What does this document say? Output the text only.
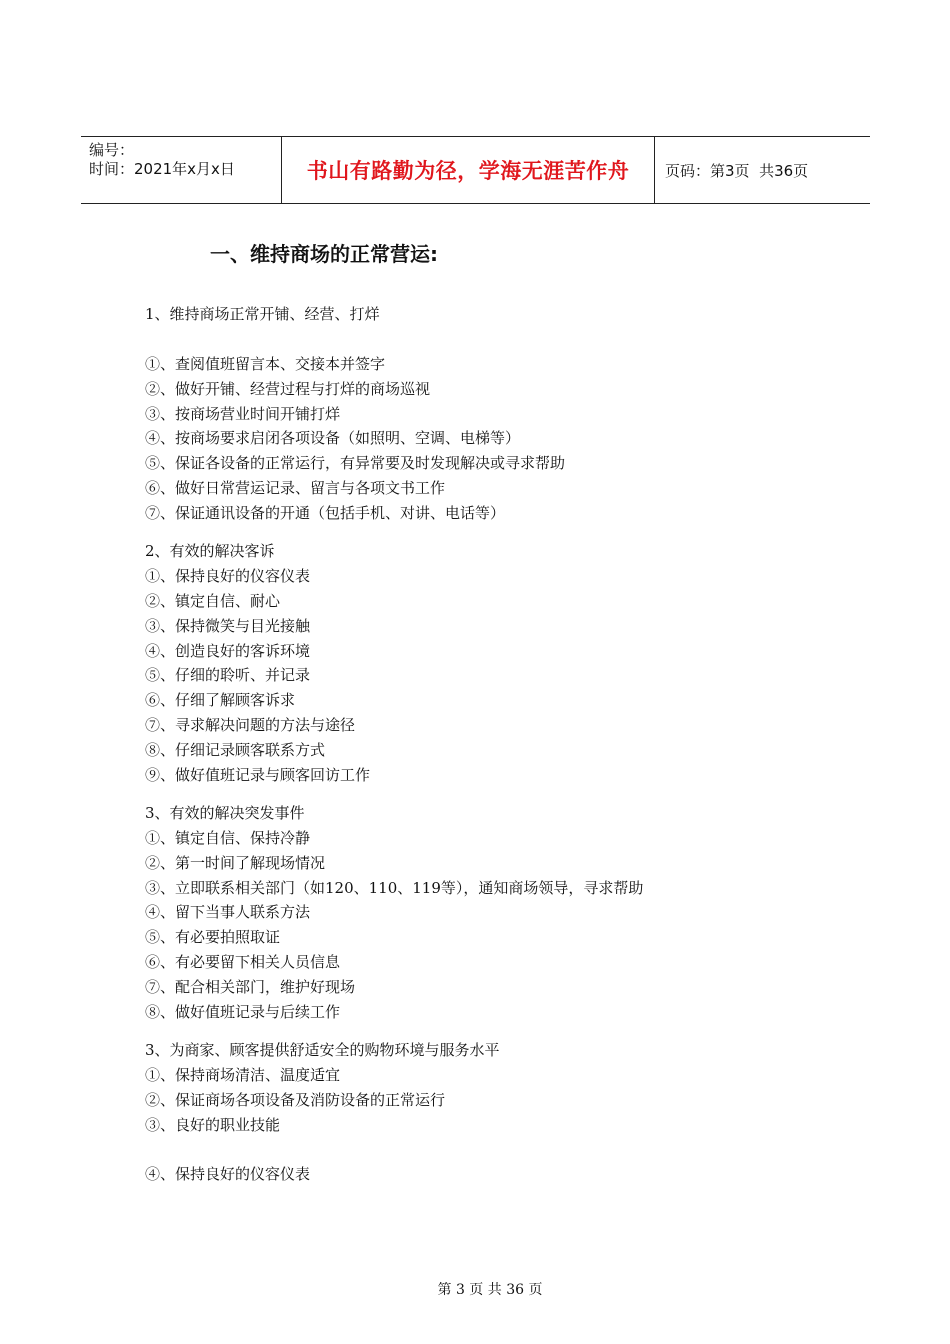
编号：
时间：2021年x月x日	书山有路勤为径，学海无涯苦作舟 页码：第3页  共36页
一、维持商场的正常营运:
1、维持商场正常开铺、经营、打烊
①、查阅值班留言本、交接本并签字
②、做好开铺、经营过程与打烊的商场巡视
③、按商场营业时间开铺打烊
④、按商场要求启闭各项设备（如照明、空调、电梯等）
⑤、保证各设备的正常运行，有异常要及时发现解决或寻求帮助
⑥、做好日常营运记录、留言与各项文书工作
⑦、保证通讯设备的开通（包括手机、对讲、电话等）
2、有效的解决客诉
①、保持良好的仪容仪表
②、镇定自信、耐心
③、保持微笑与目光接触
④、创造良好的客诉环境
⑤、仔细的聆听、并记录
⑥、仔细了解顾客诉求
⑦、寻求解决问题的方法与途径
⑧、仔细记录顾客联系方式
⑨、做好值班记录与顾客回访工作
3、有效的解决突发事件
①、镇定自信、保持冷静
②、第一时间了解现场情况
③、立即联系相关部门（如120、110、119等），通知商场领导，寻求帮助
④、留下当事人联系方法
⑤、有必要拍照取证
⑥、有必要留下相关人员信息
⑦、配合相关部门，维护好现场
⑧、做好值班记录与后续工作
3、为商家、顾客提供舒适安全的购物环境与服务水平
①、保持商场清洁、温度适宜
②、保证商场各项设备及消防设备的正常运行
③、良好的职业技能
④、保持良好的仪容仪表
第 3 页 共 36 页
